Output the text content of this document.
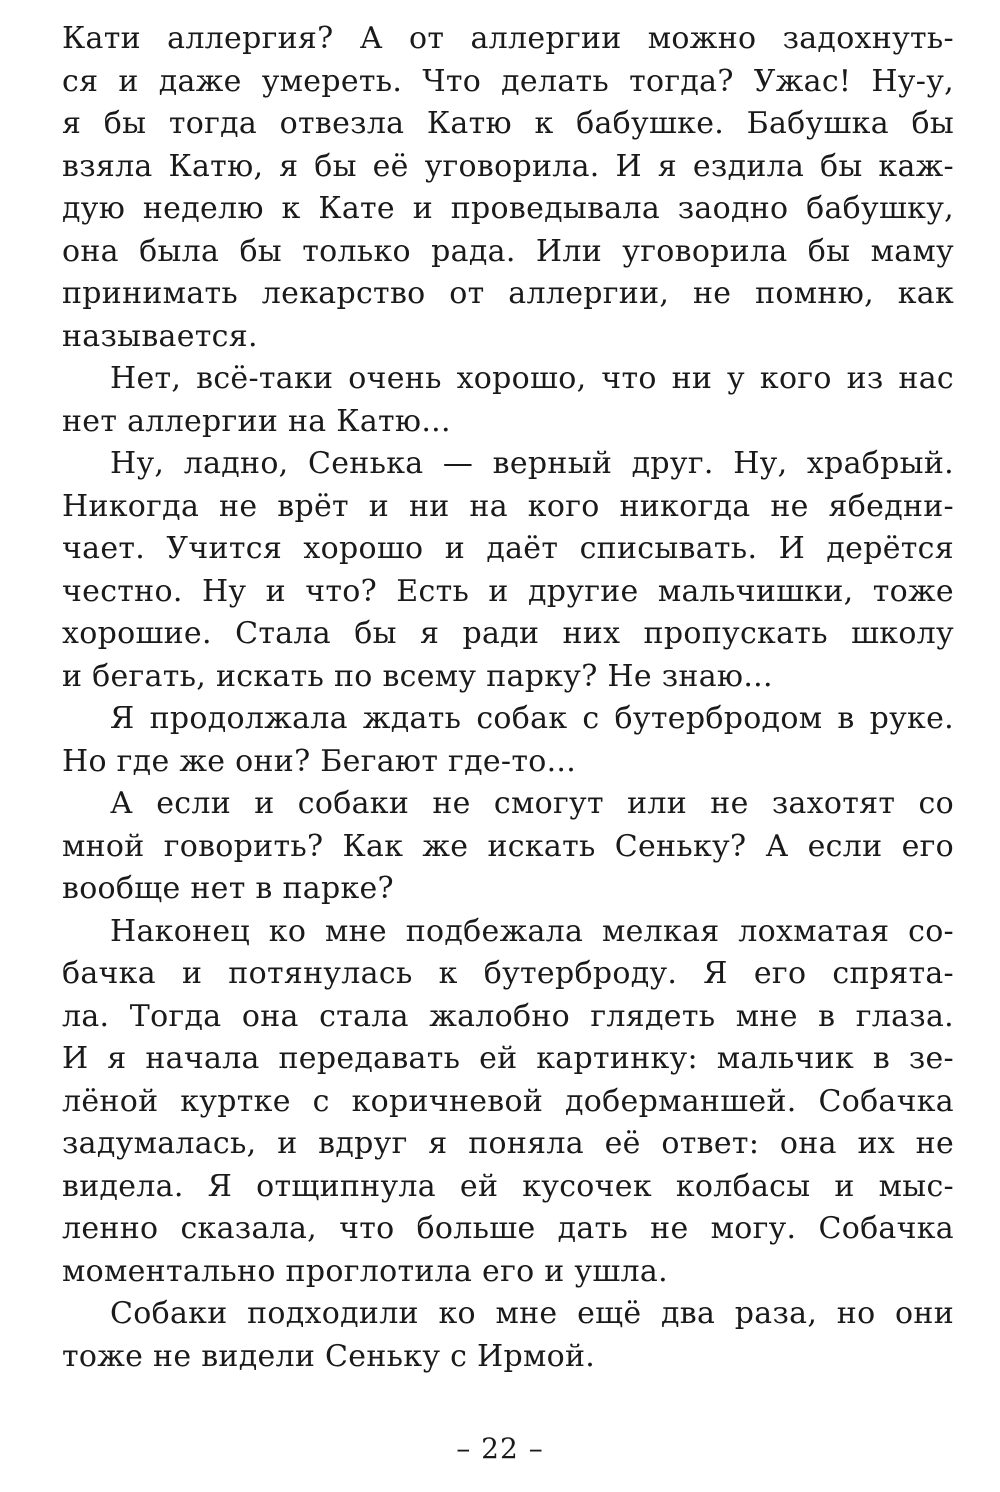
Кати аллергия? А от аллергии можно задохнуть-
ся и даже умереть. Что делать тогда? Ужас! Ну-у,
я бы тогда отвезла Катю к бабушке. Бабушка бы
взяла Катю, я бы её уговорила. И я ездила бы каж-
дую неделю к Кате и проведывала заодно бабушку,
она была бы только рада. Или уговорила бы маму
принимать лекарство от аллергии, не помню, как
называется.
Нет, всё-таки очень хорошо, что ни у кого из нас
нет аллергии на Катю...
Ну, ладно, Сенька — верный друг. Ну, храбрый.
Никогда не врёт и ни на кого никогда не ябедни-
чает. Учится хорошо и даёт списывать. И дерётся
честно. Ну и что? Есть и другие мальчишки, тоже
хорошие. Стала бы я ради них пропускать школу
и бегать, искать по всему парку? Не знаю...
Я продолжала ждать собак с бутербродом в руке.
Но где же они? Бегают где-то...
А если и собаки не смогут или не захотят со
мной говорить? Как же искать Сеньку? А если его
вообще нет в парке?
Наконец ко мне подбежала мелкая лохматая со-
бачка и потянулась к бутерброду. Я его спрята-
ла. Тогда она стала жалобно глядеть мне в глаза.
И я начала передавать ей картинку: мальчик в зе-
лёной куртке с коричневой доберманшей. Собачка
задумалась, и вдруг я поняла её ответ: она их не
видела. Я отщипнула ей кусочек колбасы и мыс-
ленно сказала, что больше дать не могу. Собачка
моментально проглотила его и ушла.
Собаки подходили ко мне ещё два раза, но они
тоже не видели Сеньку с Ирмой.
– 22 –
